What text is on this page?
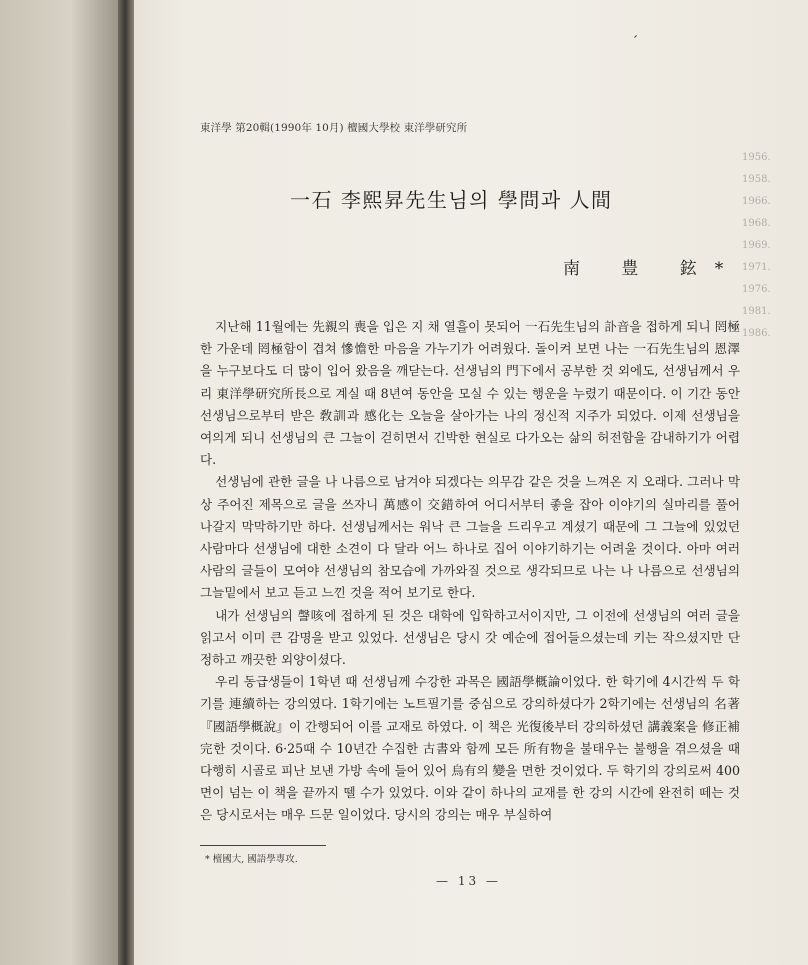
1956.
1958.
1966.
1968.
1969.
1971.
1976.
1981.
1986.
東洋學 第20輯(1990年 10月) 檀國大學校 東洋學研究所
一石 李熙昇先生님의 學問과 人間
南 豊 鉉*

지난해 11월에는 先親의 喪을 입은 지 채 열흘이 못되어 一石先生님의 訃音을 접하게 되니 罔極한 가운데 罔極함이 겹쳐 慘憺한 마음을 가누기가 어려웠다. 돌이켜 보면 나는 一石先生님의 恩澤을 누구보다도 더 많이 입어 왔음을 깨닫는다. 선생님의 門下에서 공부한 것 외에도, 선생님께서 우리 東洋學研究所長으로 계실 때 8년여 동안을 모실 수 있는 행운을 누렸기 때문이다. 이 기간 동안 선생님으로부터 받은 敎訓과 感化는 오늘을 살아가는 나의 정신적 지주가 되었다. 이제 선생님을 여의게 되니 선생님의 큰 그늘이 걷히면서 긴박한 현실로 다가오는 삶의 허전함을 감내하기가 어렵다.

선생님에 관한 글을 나 나름으로 남겨야 되겠다는 의무감 같은 것을 느껴온 지 오래다. 그러나 막상 주어진 제목으로 글을 쓰자니 萬感이 交錯하여 어디서부터 좋을 잡아 이야기의 실마리를 풀어 나갈지 막막하기만 하다. 선생님께서는 워낙 큰 그늘을 드리우고 계셨기 때문에 그 그늘에 있었던 사람마다 선생님에 대한 소견이 다 달라 어느 하나로 집어 이야기하기는 어려울 것이다. 아마 여러 사람의 글들이 모여야 선생님의 참모습에 가까와질 것으로 생각되므로 나는 나 나름으로 선생님의 그늘밑에서 보고 듣고 느낀 것을 적어 보기로 한다.

내가 선생님의 謦咳에 접하게 된 것은 대학에 입학하고서이지만, 그 이전에 선생님의 여러 글을 읽고서 이미 큰 감명을 받고 있었다. 선생님은 당시 갓 예순에 접어들으셨는데 키는 작으셨지만 단정하고 깨끗한 외양이셨다.

우리 동급생들이 1학년 때 선생님께 수강한 과목은 國語學概論이었다. 한 학기에 4시간씩 두 학기를 連續하는 강의였다. 1학기에는 노트필기를 중심으로 강의하셨다가 2학기에는 선생님의 名著『國語學概說』이 간행되어 이를 교재로 하였다. 이 책은 光復後부터 강의하셨던 講義案을 修正補完한 것이다. 6·25때 수 10년간 수집한 古書와 함께 모든 所有物을 불태우는 불행을 겪으셨을 때 다행히 시골로 피난 보낸 가방 속에 들어 있어 烏有의 變을 면한 것이었다. 두 학기의 강의로써 400면이 넘는 이 책을 끝까지 뗄 수가 있었다. 이와 같이 하나의 교재를 한 강의 시간에 완전히 떼는 것은 당시로서는 매우 드문 일이었다. 당시의 강의는 매우 부실하여

* 檀國大, 國語學專攻.
— 13 —
